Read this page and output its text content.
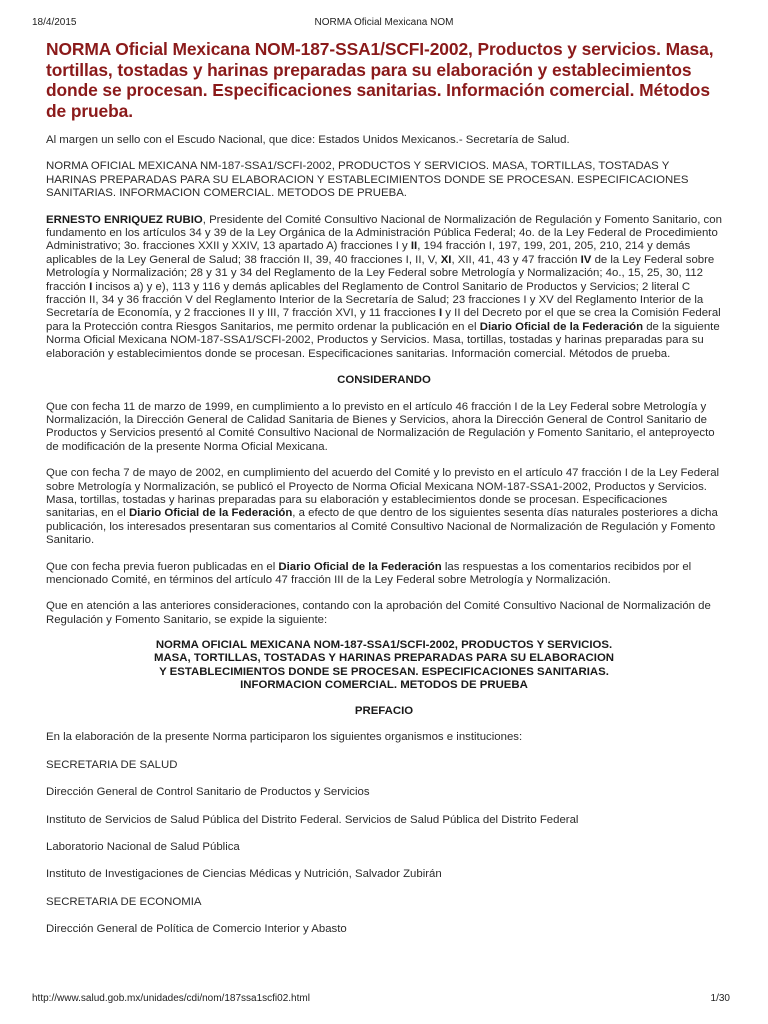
18/4/2015	NORMA Oficial Mexicana NOM
NORMA Oficial Mexicana NOM-187-SSA1/SCFI-2002, Productos y servicios. Masa, tortillas, tostadas y harinas preparadas para su elaboración y establecimientos donde se procesan. Especificaciones sanitarias. Información comercial. Métodos de prueba.

Al margen un sello con el Escudo Nacional, que dice: Estados Unidos Mexicanos.- Secretaría de Salud.

NORMA OFICIAL MEXICANA NM-187-SSA1/SCFI-2002, PRODUCTOS Y SERVICIOS. MASA, TORTILLAS, TOSTADAS Y HARINAS PREPARADAS PARA SU ELABORACION Y ESTABLECIMIENTOS DONDE SE PROCESAN. ESPECIFICACIONES SANITARIAS. INFORMACION COMERCIAL. METODOS DE PRUEBA.

ERNESTO ENRIQUEZ RUBIO, Presidente del Comité Consultivo Nacional de Normalización de Regulación y Fomento Sanitario, con fundamento en los artículos 34 y 39 de la Ley Orgánica de la Administración Pública Federal; 4o. de la Ley Federal de Procedimiento Administrativo; 3o. fracciones XXII y XXIV, 13 apartado A) fracciones I y II, 194 fracción I, 197, 199, 201, 205, 210, 214 y demás aplicables de la Ley General de Salud; 38 fracción II, 39, 40 fracciones I, II, V, XI, XII, 41, 43 y 47 fracción IV de la Ley Federal sobre Metrología y Normalización; 28 y 31 y 34 del Reglamento de la Ley Federal sobre Metrología y Normalización; 4o., 15, 25, 30, 112 fracción I incisos a) y e), 113 y 116 y demás aplicables del Reglamento de Control Sanitario de Productos y Servicios; 2 literal C fracción II, 34 y 36 fracción V del Reglamento Interior de la Secretaría de Salud; 23 fracciones I y XV del Reglamento Interior de la Secretaría de Economía, y 2 fracciones II y III, 7 fracción XVI, y 11 fracciones I y II del Decreto por el que se crea la Comisión Federal para la Protección contra Riesgos Sanitarios, me permito ordenar la publicación en el Diario Oficial de la Federación de la siguiente Norma Oficial Mexicana NOM-187-SSA1/SCFI-2002, Productos y Servicios. Masa, tortillas, tostadas y harinas preparadas para su elaboración y establecimientos donde se procesan. Especificaciones sanitarias. Información comercial. Métodos de prueba.

CONSIDERANDO

Que con fecha 11 de marzo de 1999, en cumplimiento a lo previsto en el artículo 46 fracción I de la Ley Federal sobre Metrología y Normalización, la Dirección General de Calidad Sanitaria de Bienes y Servicios, ahora la Dirección General de Control Sanitario de Productos y Servicios presentó al Comité Consultivo Nacional de Normalización de Regulación y Fomento Sanitario, el anteproyecto de modificación de la presente Norma Oficial Mexicana.

Que con fecha 7 de mayo de 2002, en cumplimiento del acuerdo del Comité y lo previsto en el artículo 47 fracción I de la Ley Federal sobre Metrología y Normalización, se publicó el Proyecto de Norma Oficial Mexicana NOM-187-SSA1-2002, Productos y Servicios. Masa, tortillas, tostadas y harinas preparadas para su elaboración y establecimientos donde se procesan. Especificaciones sanitarias, en el Diario Oficial de la Federación, a efecto de que dentro de los siguientes sesenta días naturales posteriores a dicha publicación, los interesados presentaran sus comentarios al Comité Consultivo Nacional de Normalización de Regulación y Fomento Sanitario.

Que con fecha previa fueron publicadas en el Diario Oficial de la Federación las respuestas a los comentarios recibidos por el mencionado Comité, en términos del artículo 47 fracción III de la Ley Federal sobre Metrología y Normalización.

Que en atención a las anteriores consideraciones, contando con la aprobación del Comité Consultivo Nacional de Normalización de Regulación y Fomento Sanitario, se expide la siguiente:

NORMA OFICIAL MEXICANA NOM-187-SSA1/SCFI-2002, PRODUCTOS Y SERVICIOS.
MASA, TORTILLAS, TOSTADAS Y HARINAS PREPARADAS PARA SU ELABORACION
Y ESTABLECIMIENTOS DONDE SE PROCESAN. ESPECIFICACIONES SANITARIAS.
INFORMACION COMERCIAL. METODOS DE PRUEBA
PREFACIO

En la elaboración de la presente Norma participaron los siguientes organismos e instituciones:

SECRETARIA DE SALUD

Dirección General de Control Sanitario de Productos y Servicios

Instituto de Servicios de Salud Pública del Distrito Federal. Servicios de Salud Pública del Distrito Federal

Laboratorio Nacional de Salud Pública

Instituto de Investigaciones de Ciencias Médicas y Nutrición, Salvador Zubirán

SECRETARIA DE ECONOMIA

Dirección General de Política de Comercio Interior y Abasto

http://www.salud.gob.mx/unidades/cdi/nom/187ssa1scfi02.html	1/30
